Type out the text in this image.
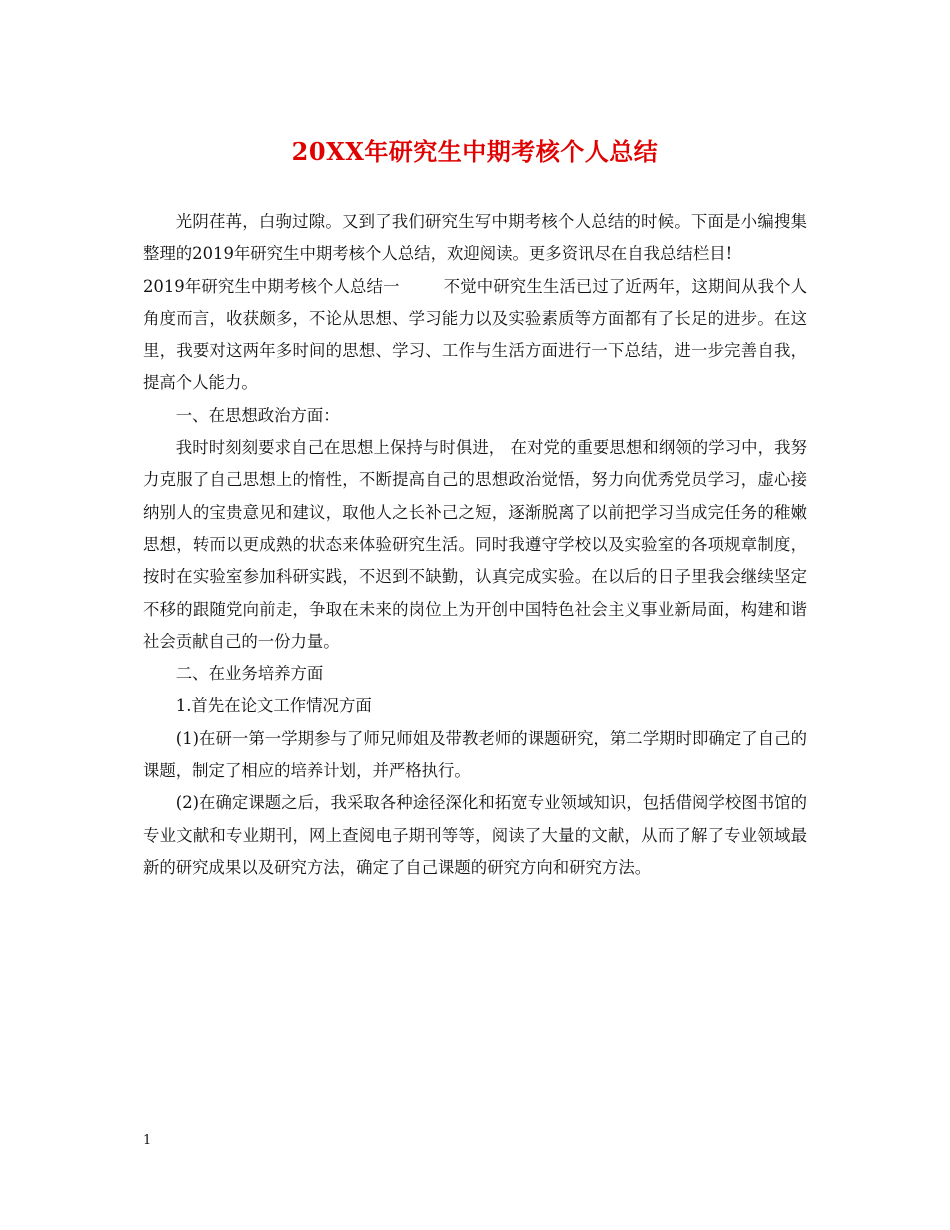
20XX年研究生中期考核个人总结

光阴荏苒，白驹过隙。又到了我们研究生写中期考核个人总结的时候。下面是小编搜集整理的2019年研究生中期考核个人总结，欢迎阅读。更多资讯尽在自我总结栏目!

2019年研究生中期考核个人总结一	不觉中研究生生活已过了近两年，这期间从我个人角度而言，收获颇多，不论从思想、学习能力以及实验素质等方面都有了长足的进步。在这里，我要对这两年多时间的思想、学习、工作与生活方面进行一下总结，进一步完善自我，提高个人能力。

一、在思想政治方面：

我时时刻刻要求自己在思想上保持与时俱进， 在对党的重要思想和纲领的学习中，我努力克服了自己思想上的惰性，不断提高自己的思想政治觉悟，努力向优秀党员学习，虚心接纳别人的宝贵意见和建议，取他人之长补己之短，逐渐脱离了以前把学习当成完任务的稚嫩思想，转而以更成熟的状态来体验研究生活。同时我遵守学校以及实验室的各项规章制度，按时在实验室参加科研实践，不迟到不缺勤，认真完成实验。在以后的日子里我会继续坚定不移的跟随党向前走，争取在未来的岗位上为开创中国特色社会主义事业新局面，构建和谐社会贡献自己的一份力量。

二、在业务培养方面

1.首先在论文工作情况方面

(1)在研一第一学期参与了师兄师姐及带教老师的课题研究，第二学期时即确定了自己的课题，制定了相应的培养计划，并严格执行。

(2)在确定课题之后，我采取各种途径深化和拓宽专业领域知识，包括借阅学校图书馆的专业文献和专业期刊，网上查阅电子期刊等等，阅读了大量的文献，从而了解了专业领域最新的研究成果以及研究方法，确定了自己课题的研究方向和研究方法。

1
